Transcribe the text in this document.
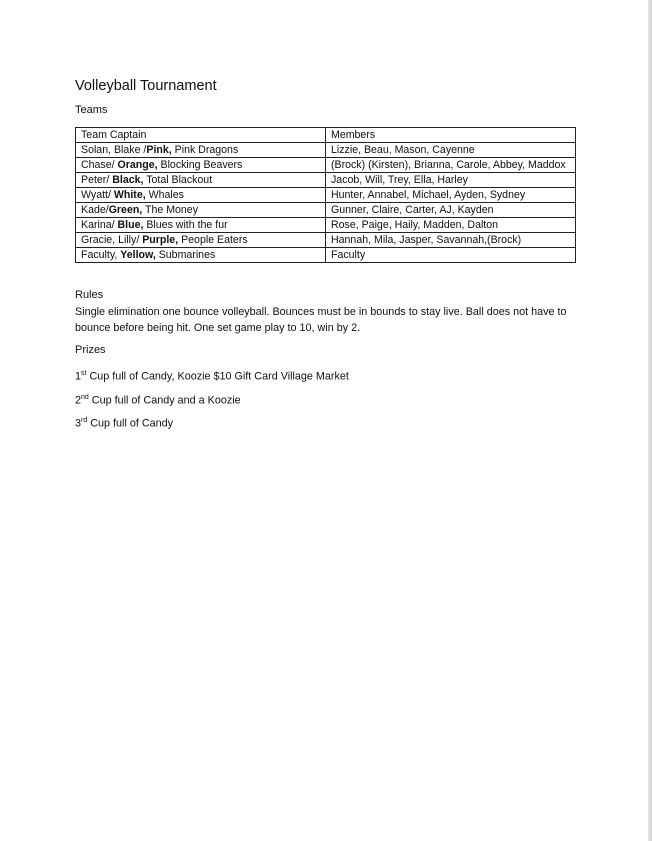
Volleyball Tournament
Teams
Team Captain	Members
Solan, Blake /Pink, Pink Dragons	Lizzie, Beau, Mason, Cayenne
Chase/ Orange, Blocking Beavers	(Brock) (Kirsten), Brianna, Carole, Abbey, Maddox
Peter/ Black, Total Blackout	Jacob, Will, Trey, Ella, Harley
Wyatt/ White, Whales	Hunter, Annabel, Michael, Ayden, Sydney
Kade/Green, The Money	Gunner, Claire, Carter, AJ, Kayden
Karina/ Blue, Blues with the fur	Rose, Paige, Haily, Madden, Dalton
Gracie, Lilly/ Purple, People Eaters	Hannah, Mila, Jasper, Savannah,(Brock)
Faculty, Yellow, Submarines	Faculty
Rules

Single elimination one bounce volleyball. Bounces must be in bounds to stay live. Ball does not have to bounce before being hit. One set game play to 10, win by 2.

Prizes
1st Cup full of Candy, Koozie $10 Gift Card Village Market
2nd Cup full of Candy and a Koozie
3rd Cup full of Candy
